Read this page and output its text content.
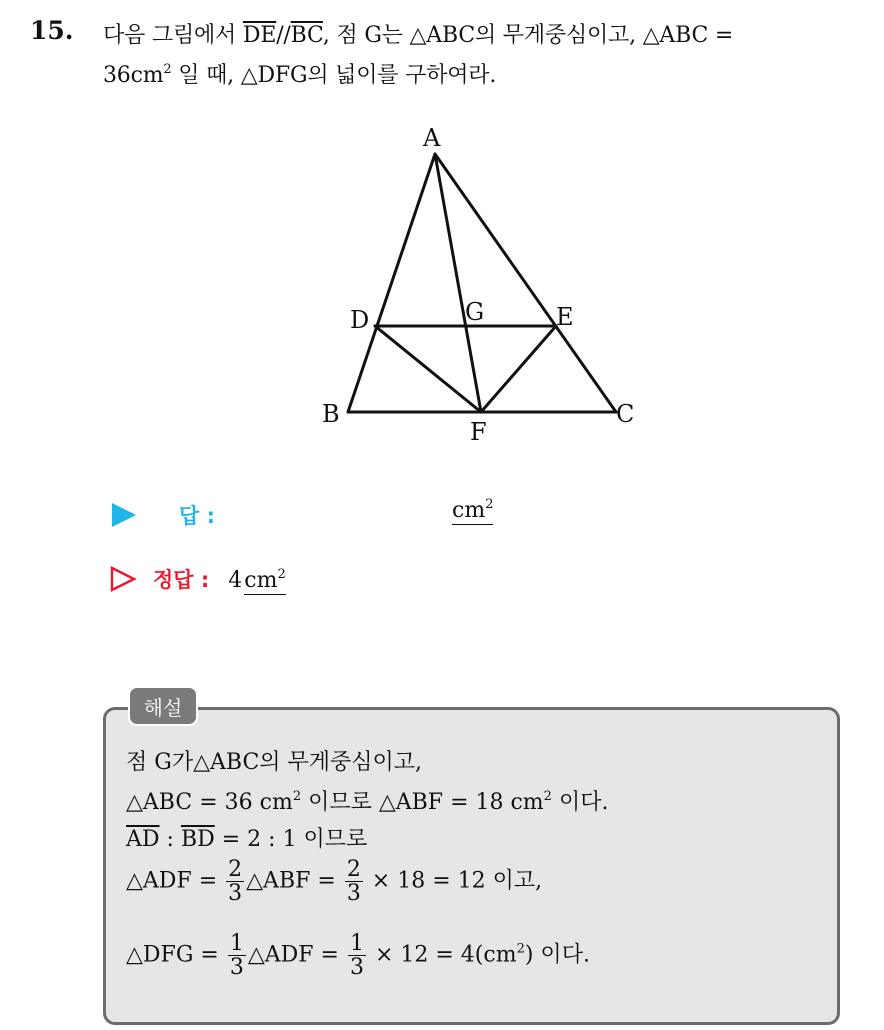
15. 다음 그림에서 $\overline{DE}//\overline{BC}$, 점 G는 △ABC의 무게중심이고, △ABC =
$36cm^2$ 일 때, △DFG의 넓이를 구하여라.
A
B	C
D	E
F
G
답 :	$cm^2$
정답 : $4cm^2$
해설
점 G가△ABC의 무게중심이고,
△ABC = 36 $cm^2$ 이므로 △ABF = 18 $cm^2$ 이다.
$\overline{AD}$ : $\overline{BD} = 2$ : 1 이므로
△ADF = $\frac{2}{3}$ △ABF = $\frac{2}{3} \times 18 = 12$ 이고,
△DFG = $\frac{1}{3}$ △ADF = $\frac{1}{3} \times 12 = 4(cm^2)$ 이다.
